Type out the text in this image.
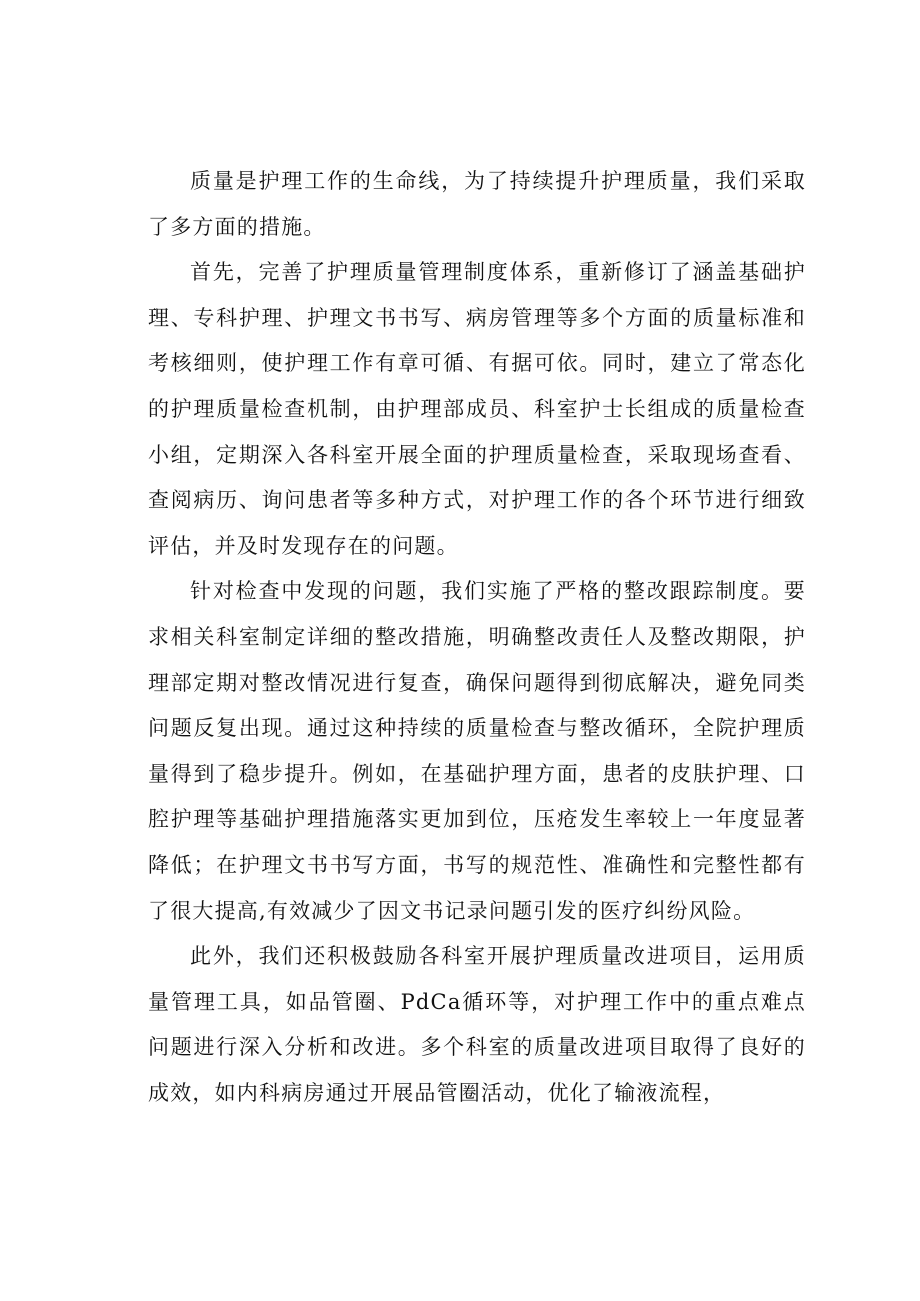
质量是护理工作的生命线，为了持续提升护理质量，我们采取了多方面的措施。

首先，完善了护理质量管理制度体系，重新修订了涵盖基础护理、专科护理、护理文书书写、病房管理等多个方面的质量标准和考核细则，使护理工作有章可循、有据可依。同时，建立了常态化的护理质量检查机制，由护理部成员、科室护士长组成的质量检查小组，定期深入各科室开展全面的护理质量检查，采取现场查看、查阅病历、询问患者等多种方式，对护理工作的各个环节进行细致评估，并及时发现存在的问题。

针对检查中发现的问题，我们实施了严格的整改跟踪制度。要求相关科室制定详细的整改措施，明确整改责任人及整改期限，护理部定期对整改情况进行复查，确保问题得到彻底解决，避免同类问题反复出现。通过这种持续的质量检查与整改循环，全院护理质量得到了稳步提升。例如，在基础护理方面，患者的皮肤护理、口腔护理等基础护理措施落实更加到位，压疮发生率较上一年度显著降低；在护理文书书写方面，书写的规范性、准确性和完整性都有了很大提高,有效减少了因文书记录问题引发的医疗纠纷风险。

此外，我们还积极鼓励各科室开展护理质量改进项目，运用质量管理工具，如品管圈、PdCa循环等，对护理工作中的重点难点问题进行深入分析和改进。多个科室的质量改进项目取得了良好的成效，如内科病房通过开展品管圈活动，优化了输液流程，
